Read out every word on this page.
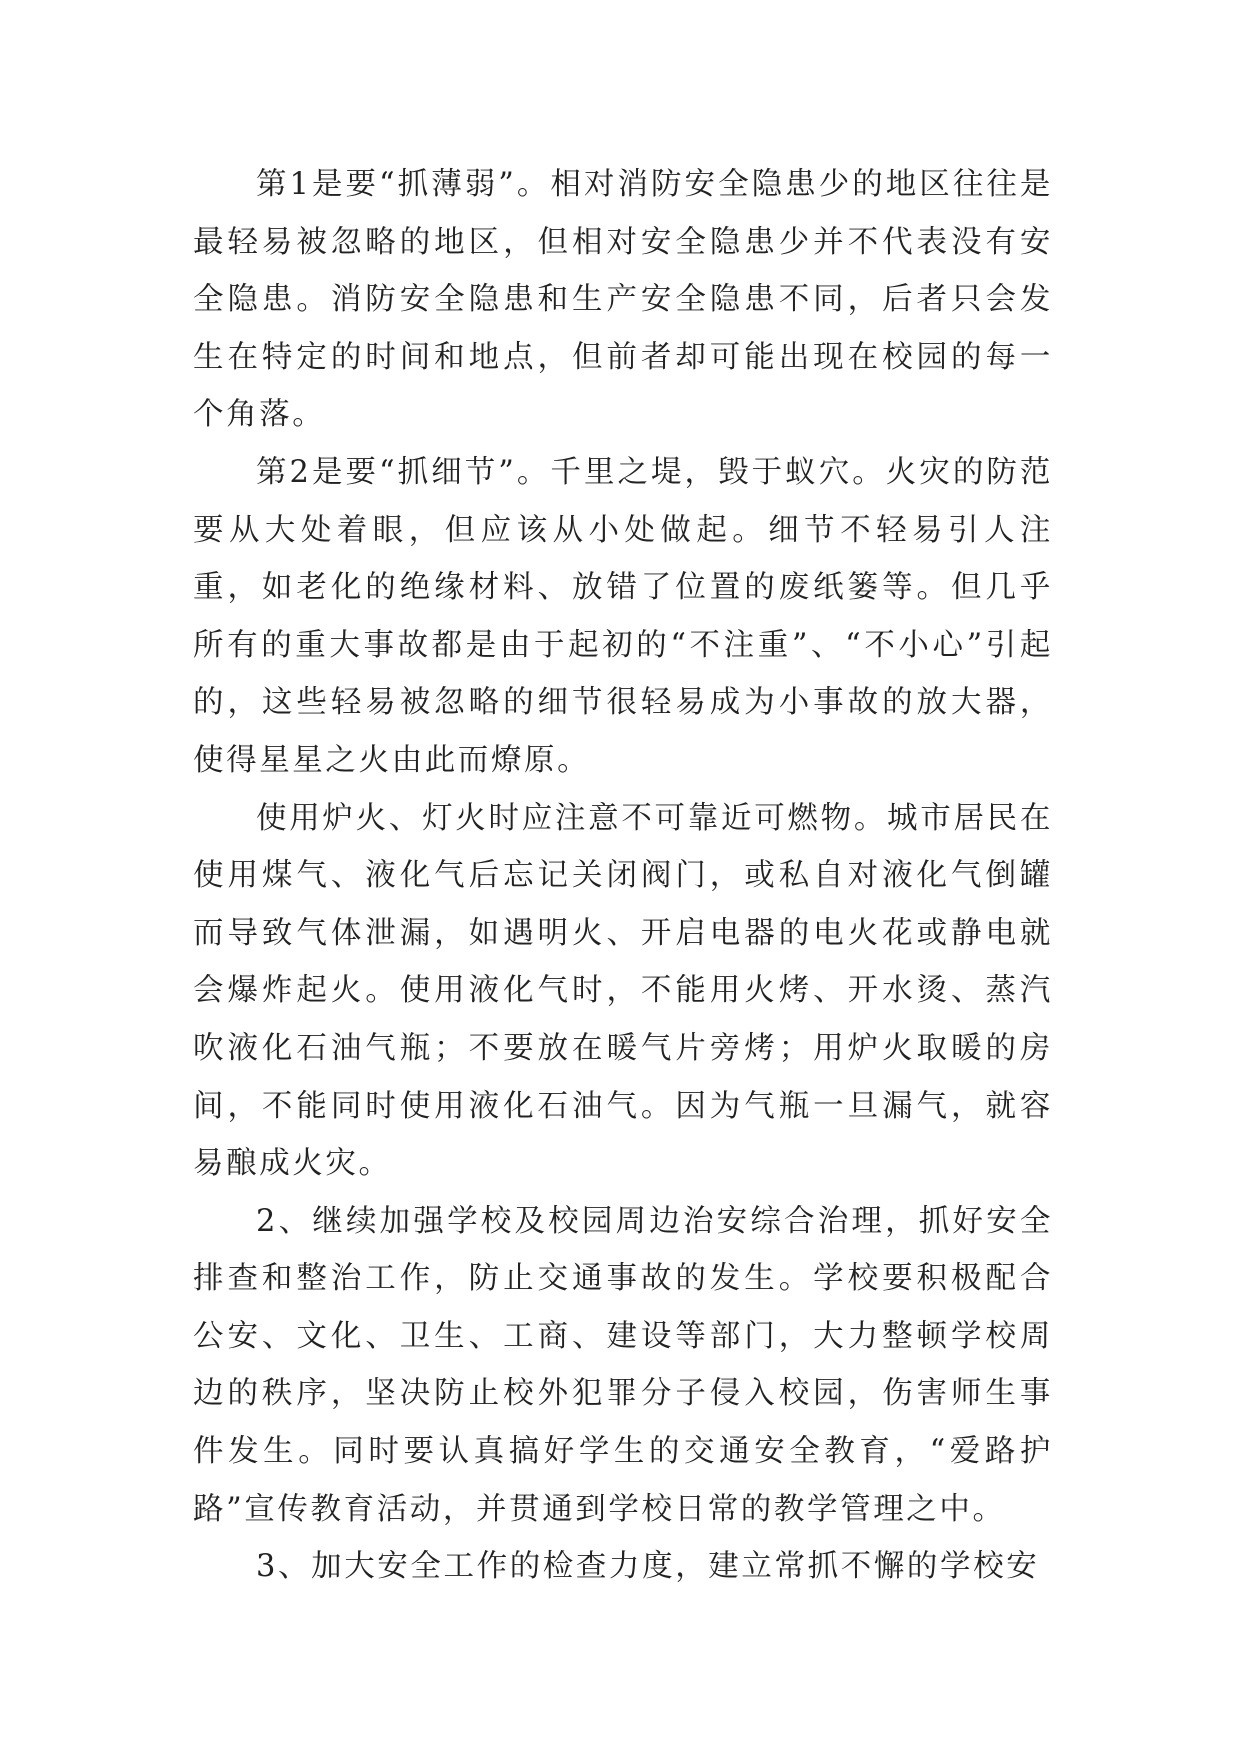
第1是要“抓薄弱”。相对消防安全隐患少的地区往往是最轻易被忽略的地区，但相对安全隐患少并不代表没有安全隐患。消防安全隐患和生产安全隐患不同，后者只会发生在特定的时间和地点，但前者却可能出现在校园的每一个角落。

第2是要“抓细节”。千里之堤，毁于蚁穴。火灾的防范要从大处着眼，但应该从小处做起。细节不轻易引人注重，如老化的绝缘材料、放错了位置的废纸篓等。但几乎所有的重大事故都是由于起初的“不注重”、“不小心”引起的，这些轻易被忽略的细节很轻易成为小事故的放大器，使得星星之火由此而燎原。

使用炉火、灯火时应注意不可靠近可燃物。城市居民在使用煤气、液化气后忘记关闭阀门，或私自对液化气倒罐而导致气体泄漏，如遇明火、开启电器的电火花或静电就会爆炸起火。使用液化气时，不能用火烤、开水烫、蒸汽吹液化石油气瓶；不要放在暖气片旁烤；用炉火取暖的房间，不能同时使用液化石油气。因为气瓶一旦漏气，就容易酿成火灾。

2、继续加强学校及校园周边治安综合治理，抓好安全排查和整治工作，防止交通事故的发生。学校要积极配合公安、文化、卫生、工商、建设等部门，大力整顿学校周边的秩序，坚决防止校外犯罪分子侵入校园，伤害师生事件发生。同时要认真搞好学生的交通安全教育，“爱路护路”宣传教育活动，并贯通到学校日常的教学管理之中。

3、加大安全工作的检查力度，建立常抓不懈的学校安
